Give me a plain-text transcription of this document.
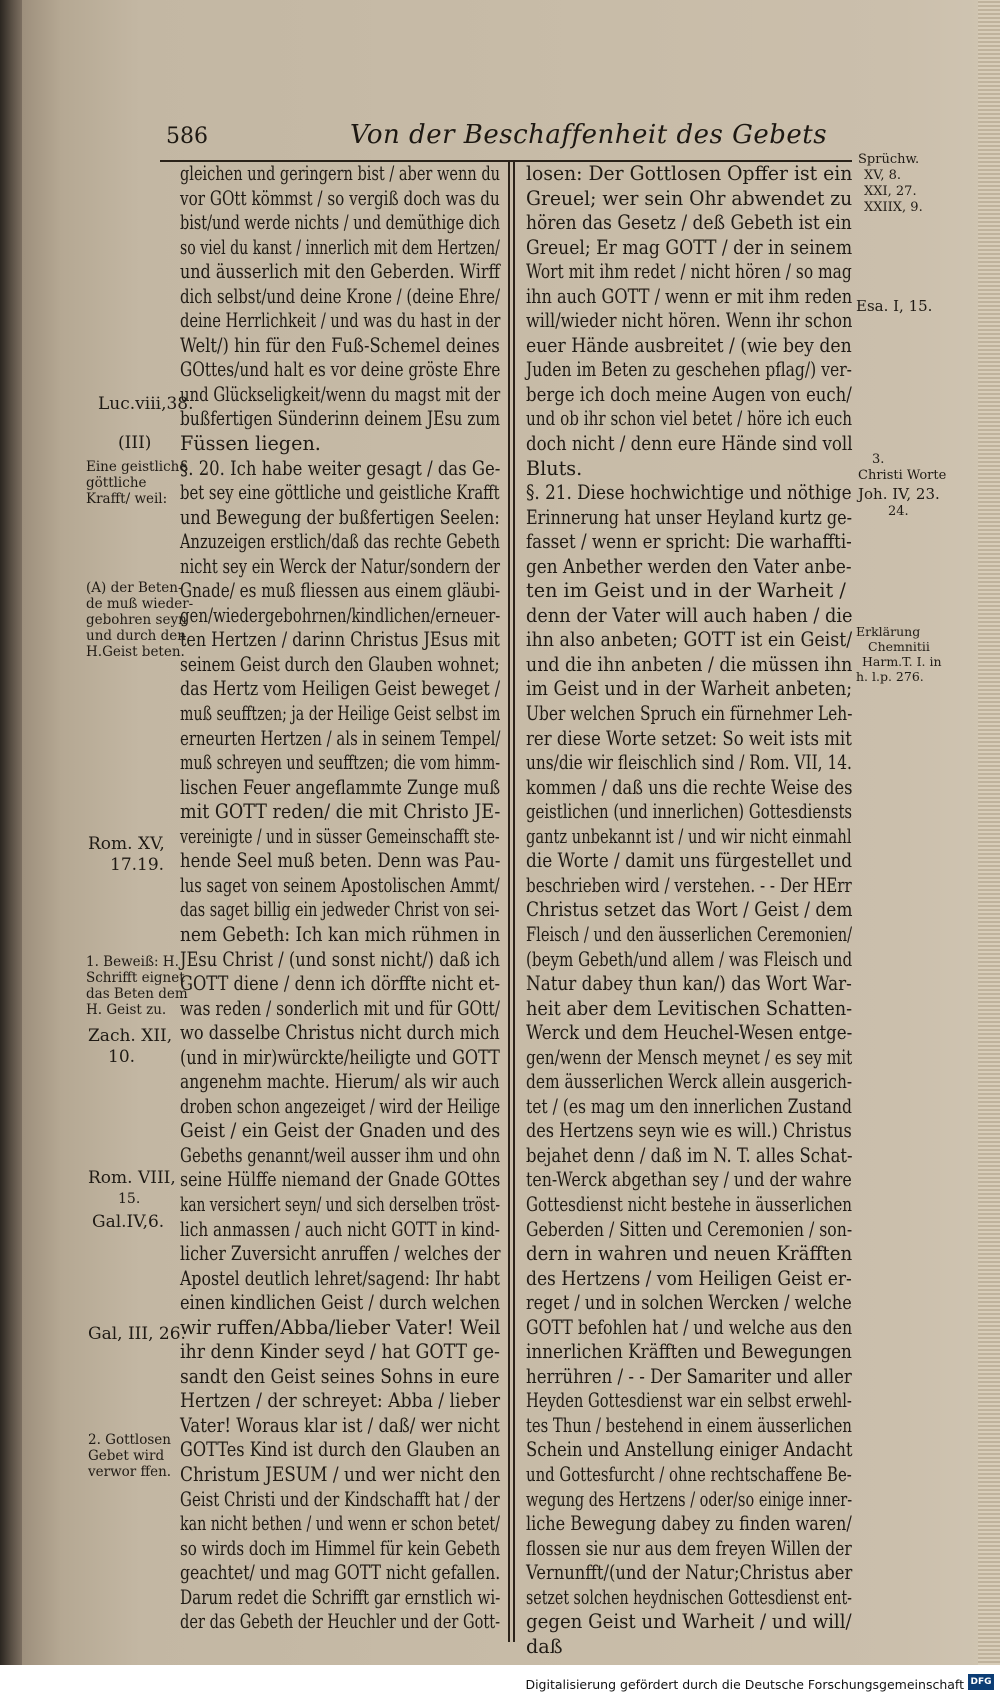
586	Von der Beschaffenheit des Gebets
gleichen und geringern bist / aber wenn du
vor GOtt kömmst / so vergiß doch was du
bist/und werde nichts / und demüthige dich
so viel du kanst / innerlich mit dem Hertzen/
und äusserlich mit den Geberden. Wirff
dich selbst/und deine Krone / (deine Ehre/
deine Herrlichkeit / und was du hast in der
Welt/) hin für den Fuß-Schemel deines
GOttes/und halt es vor deine gröste Ehre
und Glückseligkeit/wenn du magst mit der
bußfertigen Sünderinn deinem JEsu zum
Füssen liegen.
§. 20. Ich habe weiter gesagt / das Ge-
bet sey eine göttliche und geistliche Krafft
und Bewegung der bußfertigen Seelen:
Anzuzeigen erstlich/daß das rechte Gebeth
nicht sey ein Werck der Natur/sondern der
Gnade/ es muß fliessen aus einem gläubi-
gen/wiedergebohrnen/kindlichen/erneuer-
ten Hertzen / darinn Christus JEsus mit
seinem Geist durch den Glauben wohnet;
das Hertz vom Heiligen Geist beweget /
muß seufftzen; ja der Heilige Geist selbst im
erneurten Hertzen / als in seinem Tempel/
muß schreyen und seufftzen; die vom himm-
lischen Feuer angeflammte Zunge muß
mit GOTT reden/ die mit Christo JE-
vereinigte / und in süsser Gemeinschafft ste-
hende Seel muß beten. Denn was Pau-
lus saget von seinem Apostolischen Ammt/
das saget billig ein jedweder Christ von sei-
nem Gebeth: Ich kan mich rühmen in
JEsu Christ / (und sonst nicht/) daß ich
GOTT diene / denn ich dörffte nicht et-
was reden / sonderlich mit und für GOtt/
wo dasselbe Christus nicht durch mich
(und in mir)würckte/heiligte und GOTT
angenehm machte. Hierum/ als wir auch
droben schon angezeiget / wird der Heilige
Geist / ein Geist der Gnaden und des
Gebeths genannt/weil ausser ihm und ohn
seine Hülffe niemand der Gnade GOttes
kan versichert seyn/ und sich derselben tröst-
lich anmassen / auch nicht GOTT in kind-
licher Zuversicht anruffen / welches der
Apostel deutlich lehret/sagend: Ihr habt
einen kindlichen Geist / durch welchen
wir ruffen/Abba/lieber Vater! Weil
ihr denn Kinder seyd / hat GOTT ge-
sandt den Geist seines Sohns in eure
Hertzen / der schreyet: Abba / lieber
Vater! Woraus klar ist / daß/ wer nicht
GOTTes Kind ist durch den Glauben an
Christum JESUM / und wer nicht den
Geist Christi und der Kindschafft hat / der
kan nicht bethen / und wenn er schon betet/
so wirds doch im Himmel für kein Gebeth
geachtet/ und mag GOTT nicht gefallen.
Darum redet die Schrifft gar ernstlich wi-
der das Gebeth der Heuchler und der Gott-
losen: Der Gottlosen Opffer ist ein
Greuel; wer sein Ohr abwendet zu
hören das Gesetz / deß Gebeth ist ein
Greuel; Er mag GOTT / der in seinem
Wort mit ihm redet / nicht hören / so mag
ihn auch GOTT / wenn er mit ihm reden
will/wieder nicht hören. Wenn ihr schon
euer Hände ausbreitet / (wie bey den
Juden im Beten zu geschehen pflag/) ver-
berge ich doch meine Augen von euch/
und ob ihr schon viel betet / höre ich euch
doch nicht / denn eure Hände sind voll
Bluts.
§. 21. Diese hochwichtige und nöthige
Erinnerung hat unser Heyland kurtz ge-
fasset / wenn er spricht: Die warhaffti-
gen Anbether werden den Vater anbe-
ten im Geist und in der Warheit /
denn der Vater will auch haben / die
ihn also anbeten; GOTT ist ein Geist/
und die ihn anbeten / die müssen ihn
im Geist und in der Warheit anbeten;
Uber welchen Spruch ein fürnehmer Leh-
rer diese Worte setzet: So weit ists mit
uns/die wir fleischlich sind / Rom. VII, 14.
kommen / daß uns die rechte Weise des
geistlichen (und innerlichen) Gottesdiensts
gantz unbekannt ist / und wir nicht einmahl
die Worte / damit uns fürgestellet und
beschrieben wird / verstehen. - - Der HErr
Christus setzet das Wort / Geist / dem
Fleisch / und den äusserlichen Ceremonien/
(beym Gebeth/und allem / was Fleisch und
Natur dabey thun kan/) das Wort War-
heit aber dem Levitischen Schatten-
Werck und dem Heuchel-Wesen entge-
gen/wenn der Mensch meynet / es sey mit
dem äusserlichen Werck allein ausgerich-
tet / (es mag um den innerlichen Zustand
des Hertzens seyn wie es will.) Christus
bejahet denn / daß im N. T. alles Schat-
ten-Werck abgethan sey / und der wahre
Gottesdienst nicht bestehe in äusserlichen
Geberden / Sitten und Ceremonien / son-
dern in wahren und neuen Kräfften
des Hertzens / vom Heiligen Geist er-
reget / und in solchen Wercken / welche
GOTT befohlen hat / und welche aus den
innerlichen Kräfften und Bewegungen
herrühren / - - Der Samariter und aller
Heyden Gottesdienst war ein selbst erwehl-
tes Thun / bestehend in einem äusserlichen
Schein und Anstellung einiger Andacht
und Gottesfurcht / ohne rechtschaffene Be-
wegung des Hertzens / oder/so einige inner-
liche Bewegung dabey zu finden waren/
flossen sie nur aus dem freyen Willen der
Vernunfft/(und der Natur;Christus aber
setzet solchen heydnischen Gottesdienst ent-
gegen Geist und Warheit / und will/
daß
Luc.viii,38.
(III)
Eine geistliche
göttliche
Krafft/ weil:
(A) der Beten-
de muß wieder-
gebohren seyn
und durch den
H.Geist beten.
Rom. XV,
17.19.
1. Beweiß: H.
Schrifft eignet
das Beten dem
H. Geist zu.
Zach. XII,
10.
Rom. VIII,
15.
Gal.IV,6.
Gal, III, 26.
2. Gottlosen
Gebet wird
verwor ffen.
Sprüchw.
XV, 8.
XXI, 27.
XXIIX, 9.
Esa. I, 15.
3.
Christi Worte
Joh. IV, 23.
24.
Erklärung
Chemnitii
Harm.T. I. in
h. l.p. 276.
Digitalisierung gefördert durch die Deutsche Forschungsgemeinschaft DFG
